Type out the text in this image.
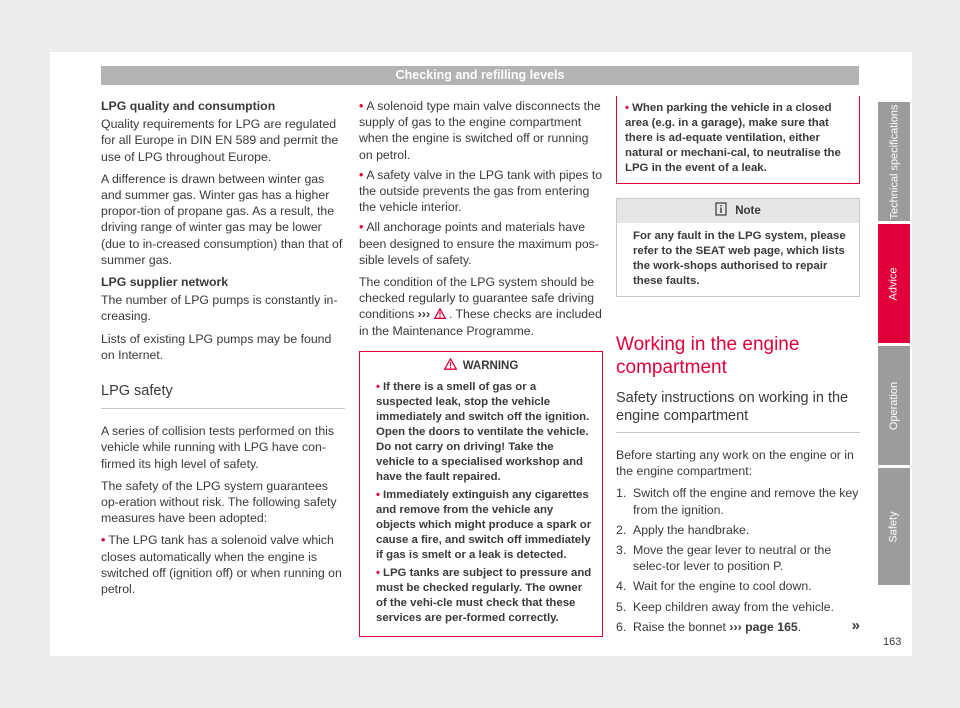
Checking and refilling levels

LPG quality and consumption

Quality requirements for LPG are regulated for all Europe in DIN EN 589 and permit the use of LPG throughout Europe.

A difference is drawn between winter gas and summer gas. Winter gas has a higher propor-tion of propane gas. As a result, the driving range of winter gas may be lower (due to in-creased consumption) than that of summer gas.

LPG supplier network

The number of LPG pumps is constantly in-creasing.

Lists of existing LPG pumps may be found on Internet.

LPG safety

A series of collision tests performed on this vehicle while running with LPG have con-firmed its high level of safety.

The safety of the LPG system guarantees op-eration without risk. The following safety measures have been adopted:

• The LPG tank has a solenoid valve which closes automatically when the engine is switched off (ignition off) or when running on petrol.
• A solenoid type main valve disconnects the supply of gas to the engine compartment when the engine is switched off or running on petrol.
• A safety valve in the LPG tank with pipes to the outside prevents the gas from entering the vehicle interior.
• All anchorage points and materials have been designed to ensure the maximum pos-sible levels of safety.

The condition of the LPG system should be checked regularly to guarantee safe driving conditions ››› . These checks are included in the Maintenance Programme.

WARNING
• If there is a smell of gas or a suspected leak, stop the vehicle immediately and switch off the ignition. Open the doors to ventilate the vehicle. Do not carry on driving! Take the vehicle to a specialised workshop and have the fault repaired.
• Immediately extinguish any cigarettes and remove from the vehicle any objects which might produce a spark or cause a fire, and switch off immediately if gas is smelt or a leak is detected.
• LPG tanks are subject to pressure and must be checked regularly. The owner of the vehi-cle must check that these services are per-formed correctly.
• When parking the vehicle in a closed area (e.g. in a garage), make sure that there is ad-equate ventilation, either natural or mechani-cal, to neutralise the LPG in the event of a leak.
Note
For any fault in the LPG system, please refer to the SEAT web page, which lists the work-shops authorised to repair these faults.
Working in the engine compartment
Safety instructions on working in the engine compartment

Before starting any work on the engine or in the engine compartment:

1. Switch off the engine and remove the key from the ignition.
2. Apply the handbrake.
3. Move the gear lever to neutral or the selec-tor lever to position P.
4. Wait for the engine to cool down.
5. Keep children away from the vehicle.
6. Raise the bonnet ››› page 165.	»
Technical specifications
Advice
Operation
Safety
163
